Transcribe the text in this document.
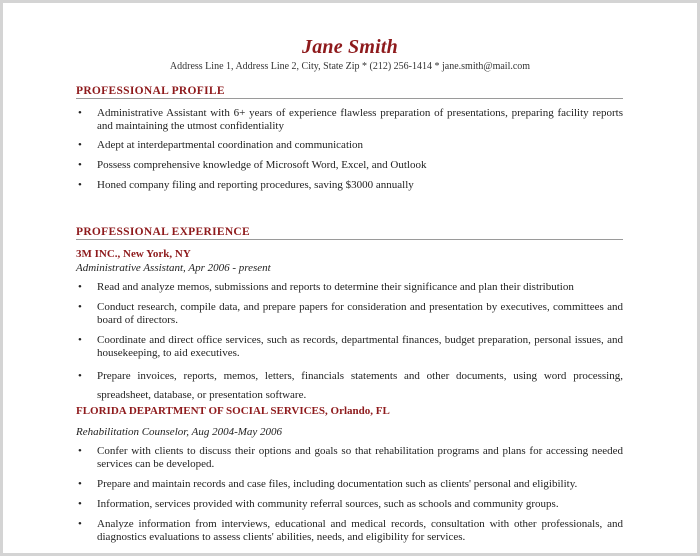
Jane Smith
Address Line 1, Address Line 2, City, State Zip * (212) 256-1414 * jane.smith@mail.com
PROFESSIONAL PROFILE
• Administrative Assistant with 6+ years of experience flawless preparation of presentations, preparing facility reports and maintaining the utmost confidentiality
• Adept at interdepartmental coordination and communication
• Possess comprehensive knowledge of Microsoft Word, Excel, and Outlook
• Honed company filing and reporting procedures, saving $3000 annually
PROFESSIONAL EXPERIENCE
3M INC., New York, NY
Administrative Assistant, Apr 2006 - present
• Read and analyze memos, submissions and reports to determine their significance and plan their distribution
• Conduct research, compile data, and prepare papers for consideration and presentation by executives, committees and board of directors.
• Coordinate and direct office services, such as records, departmental finances, budget preparation, personal issues, and housekeeping, to aid executives.
• Prepare invoices, reports, memos, letters, financials statements and other documents, using word processing, spreadsheet, database, or presentation software.
FLORIDA DEPARTMENT OF SOCIAL SERVICES, Orlando, FL
Rehabilitation Counselor, Aug 2004-May 2006
• Confer with clients to discuss their options and goals so that rehabilitation programs and plans for accessing needed services can be developed.
• Prepare and maintain records and case files, including documentation such as clients' personal and eligibility.
• Information, services provided with community referral sources, such as schools and community groups.
• Analyze information from interviews, educational and medical records, consultation with other professionals, and diagnostics evaluations to assess clients' abilities, needs, and eligibility for services.
